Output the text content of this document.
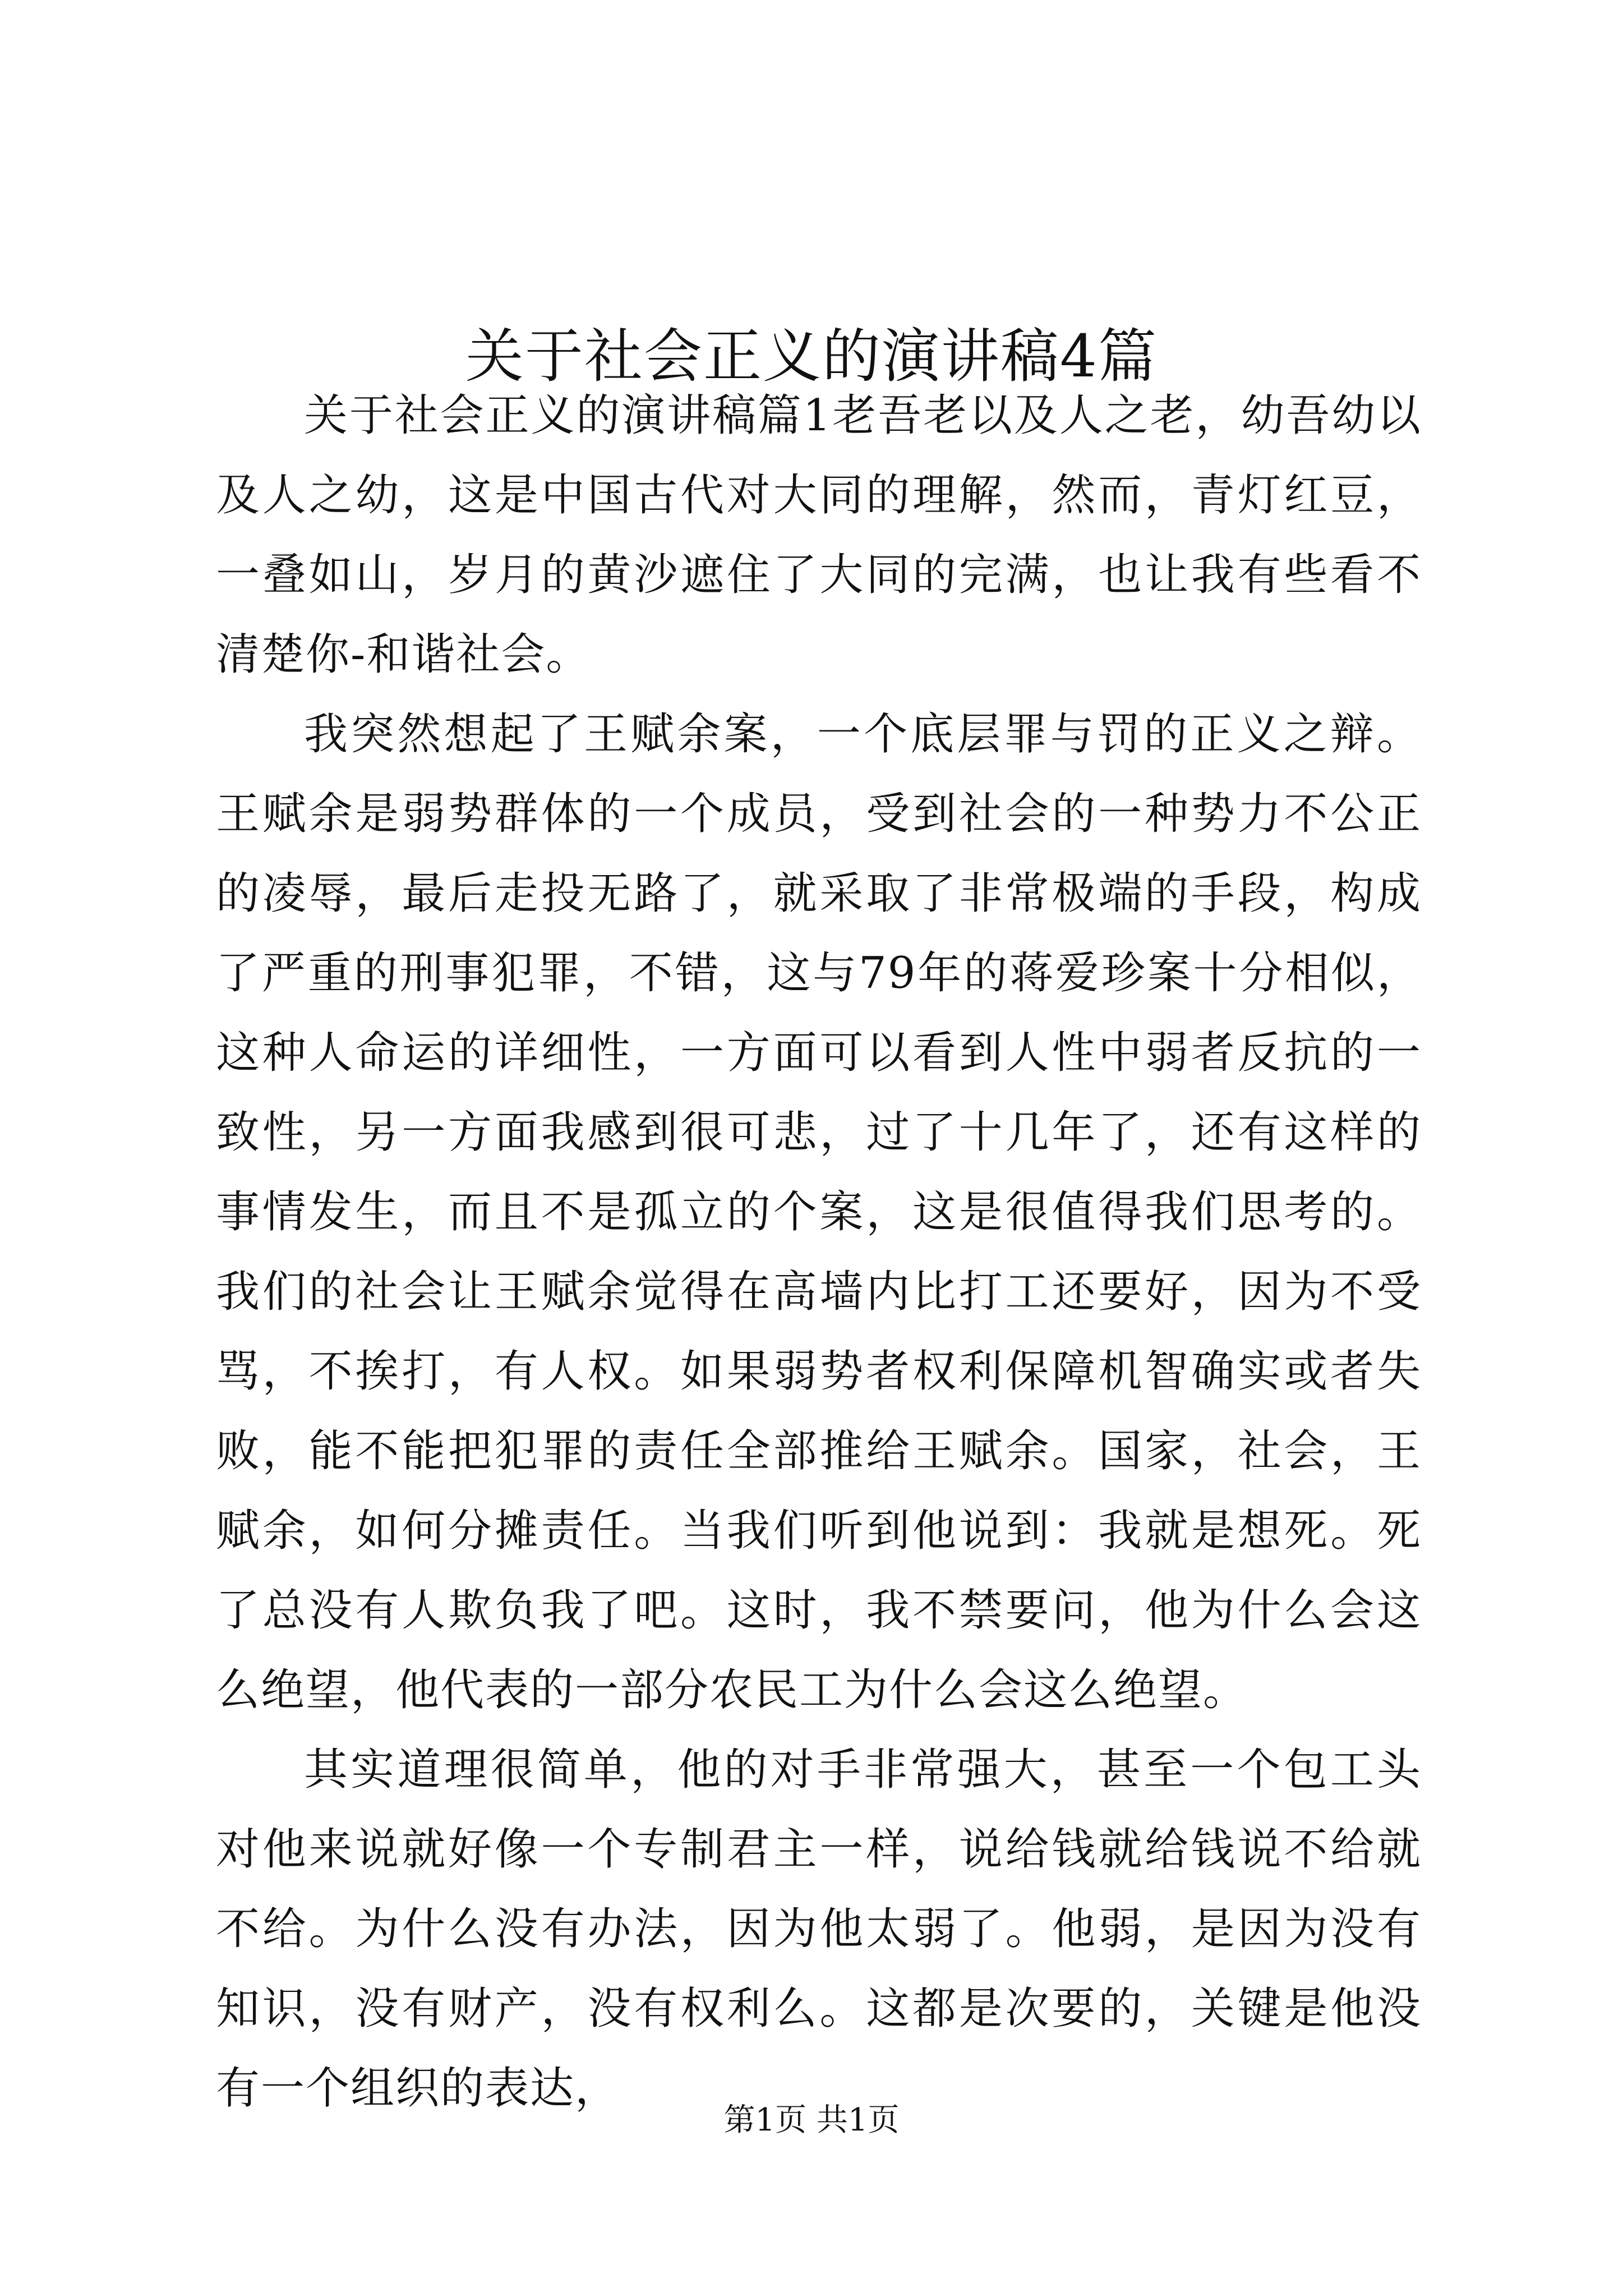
关于社会正义的演讲稿4篇

关于社会正义的演讲稿篇1老吾老以及人之老，幼吾幼以及人之幼，这是中国古代对大同的理解，然而，青灯红豆，一叠如山，岁月的黄沙遮住了大同的完满，也让我有些看不清楚你-和谐社会。

我突然想起了王赋余案，一个底层罪与罚的正义之辩。王赋余是弱势群体的一个成员，受到社会的一种势力不公正的凌辱，最后走投无路了，就采取了非常极端的手段，构成了严重的刑事犯罪，不错，这与79年的蒋爱珍案十分相似，这种人命运的详细性，一方面可以看到人性中弱者反抗的一致性，另一方面我感到很可悲，过了十几年了，还有这样的事情发生，而且不是孤立的个案，这是很值得我们思考的。我们的社会让王赋余觉得在高墙内比打工还要好，因为不受骂，不挨打，有人权。如果弱势者权利保障机智确实或者失败，能不能把犯罪的责任全部推给王赋余。国家，社会，王赋余，如何分摊责任。当我们听到他说到：我就是想死。死了总没有人欺负我了吧。这时，我不禁要问，他为什么会这么绝望，他代表的一部分农民工为什么会这么绝望。

其实道理很简单，他的对手非常强大，甚至一个包工头对他来说就好像一个专制君主一样，说给钱就给钱说不给就不给。为什么没有办法，因为他太弱了。他弱，是因为没有知识，没有财产，没有权利么。这都是次要的，关键是他没有一个组织的表达，

第1页 共1页
